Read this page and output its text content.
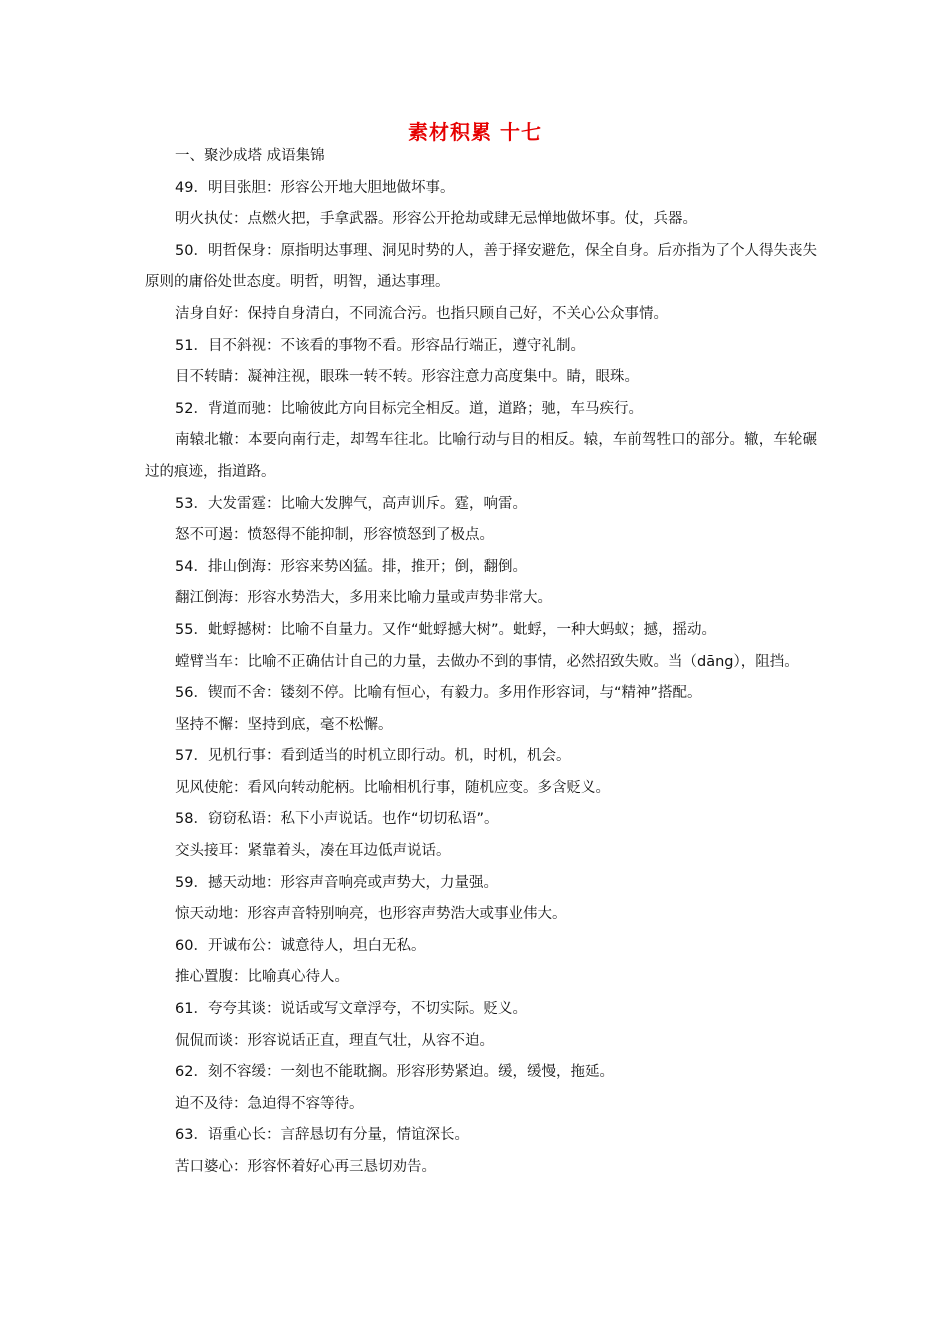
素材积累 十七
一、聚沙成塔 成语集锦
49．明目张胆：形容公开地大胆地做坏事。
明火执仗：点燃火把，手拿武器。形容公开抢劫或肆无忌惮地做坏事。仗，兵器。
50．明哲保身：原指明达事理、洞见时势的人，善于择安避危，保全自身。后亦指为了个人得失丧失原则的庸俗处世态度。明哲，明智，通达事理。
洁身自好：保持自身清白，不同流合污。也指只顾自己好，不关心公众事情。
51．目不斜视：不该看的事物不看。形容品行端正，遵守礼制。
目不转睛：凝神注视，眼珠一转不转。形容注意力高度集中。睛，眼珠。
52．背道而驰：比喻彼此方向目标完全相反。道，道路；驰，车马疾行。
南辕北辙：本要向南行走，却驾车往北。比喻行动与目的相反。辕，车前驾牲口的部分。辙，车轮碾过的痕迹，指道路。
53．大发雷霆：比喻大发脾气，高声训斥。霆，响雷。
怒不可遏：愤怒得不能抑制，形容愤怒到了极点。
54．排山倒海：形容来势凶猛。排，推开；倒，翻倒。
翻江倒海：形容水势浩大，多用来比喻力量或声势非常大。
55．蚍蜉撼树：比喻不自量力。又作“蚍蜉撼大树”。蚍蜉，一种大蚂蚁；撼，摇动。
螳臂当车：比喻不正确估计自己的力量，去做办不到的事情，必然招致失败。当（dāng），阻挡。
56．锲而不舍：镂刻不停。比喻有恒心，有毅力。多用作形容词，与“精神”搭配。
坚持不懈：坚持到底，毫不松懈。
57．见机行事：看到适当的时机立即行动。机，时机，机会。
见风使舵：看风向转动舵柄。比喻相机行事，随机应变。多含贬义。
58．窃窃私语：私下小声说话。也作“切切私语”。
交头接耳：紧靠着头，凑在耳边低声说话。
59．撼天动地：形容声音响亮或声势大，力量强。
惊天动地：形容声音特别响亮，也形容声势浩大或事业伟大。
60．开诚布公：诚意待人，坦白无私。
推心置腹：比喻真心待人。
61．夸夸其谈：说话或写文章浮夸，不切实际。贬义。
侃侃而谈：形容说话正直，理直气壮，从容不迫。
62．刻不容缓：一刻也不能耽搁。形容形势紧迫。缓，缓慢，拖延。
迫不及待：急迫得不容等待。
63．语重心长：言辞恳切有分量，情谊深长。
苦口婆心：形容怀着好心再三恳切劝告。
